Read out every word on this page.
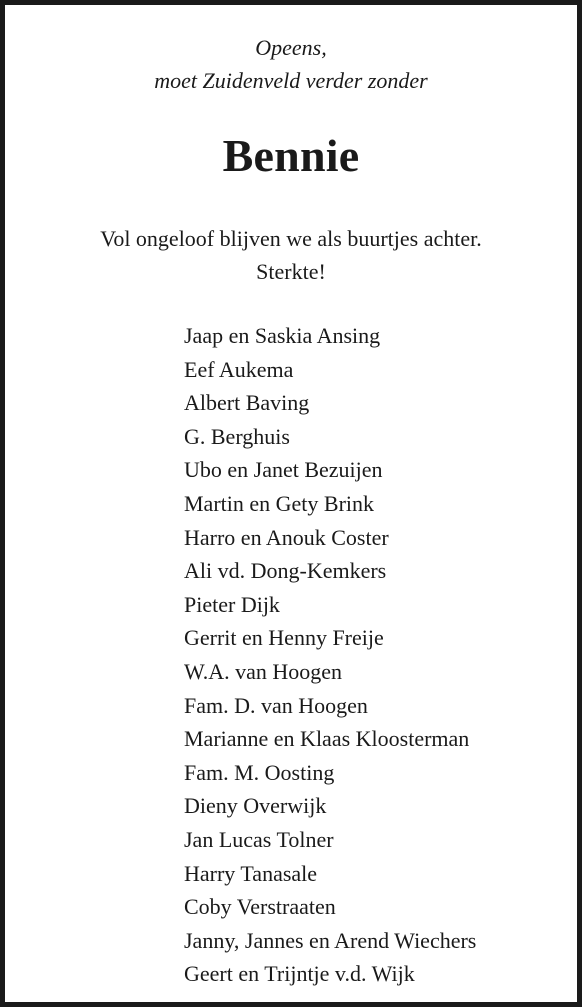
Opeens,
moet Zuidenveld verder zonder
Bennie
Vol ongeloof blijven we als buurtjes achter.
Sterkte!
Jaap en Saskia Ansing
Eef Aukema
Albert Baving
G. Berghuis
Ubo en Janet Bezuijen
Martin en Gety Brink
Harro en Anouk Coster
Ali vd. Dong-Kemkers
Pieter Dijk
Gerrit en Henny Freije
W.A. van Hoogen
Fam. D. van Hoogen
Marianne en Klaas Kloosterman
Fam. M. Oosting
Dieny Overwijk
Jan Lucas Tolner
Harry Tanasale
Coby Verstraaten
Janny, Jannes en Arend Wiechers
Geert en Trijntje v.d. Wijk
